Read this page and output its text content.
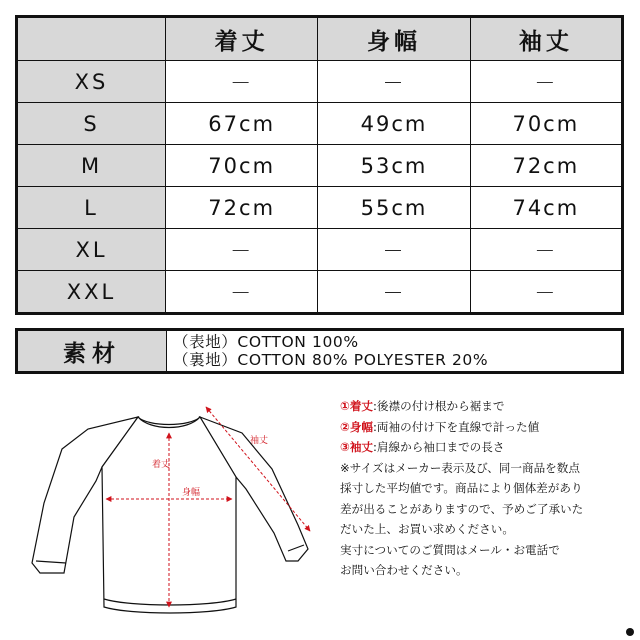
	着丈	身幅	袖丈
XS	－	－	－
S	67cm	49cm	70cm
M	70cm	53cm	72cm
L	72cm	55cm	74cm
XL	－	－	－
XXL	－	－	－
素材	（表地）COTTON 100%
（裏地）COTTON 80% POLYESTER 20%
着丈
身幅
袖丈
①着丈:後襟の付け根から裾まで
②身幅:両袖の付け下を直線で計った値
③袖丈:肩線から袖口までの長さ
※サイズはメーカー表示及び、同一商品を数点
採寸した平均値です。商品により個体差があり
差が出ることがありますので、予めご了承いた
だいた上、お買い求めください。
実寸についてのご質問はメール・お電話で
お問い合わせください。
